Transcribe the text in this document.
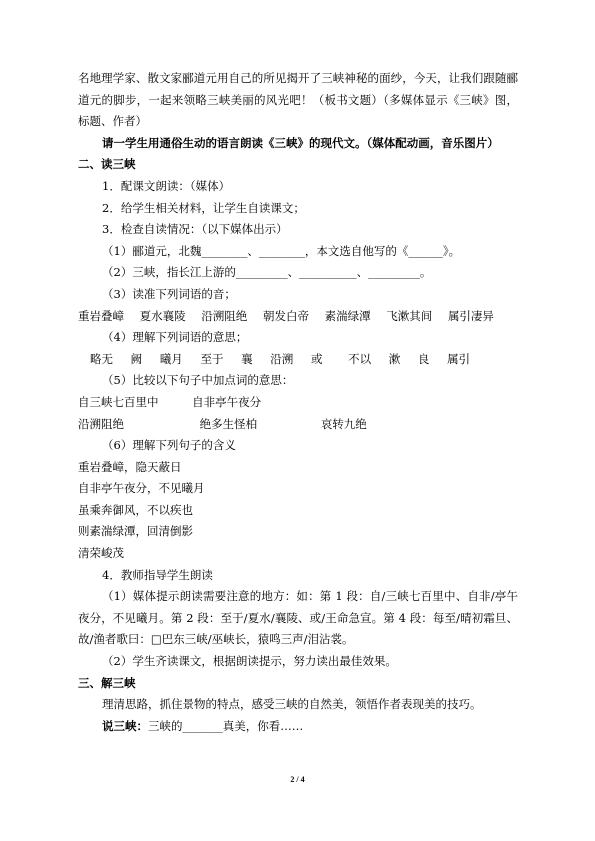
名地理学家、散文家郦道元用自己的所见揭开了三峡神秘的面纱，今天，让我们跟随郦道元的脚步，一起来领略三峡美丽的风光吧！（板书文题）（多媒体显示《三峡》图，标题、作者）
请一学生用通俗生动的语言朗读《三峡》的现代文。（媒体配动画，音乐图片）
二、读三峡
1．配课文朗读：（媒体）
2．给学生相关材料，让学生自读课文；
3．检查自读情况：（以下媒体出示）
（1）郦道元，北魏________、________，本文选自他写的《______》。
（2）三峡，指长江上游的_________、__________、_________。
（3）读准下列词语的音；
重岩叠嶂 夏水襄陵 沿溯阻绝 朝发白帝 素湍绿潭 飞漱其间 属引凄异
（4）理解下列词语的意思；
略无 阙 曦月 至于 襄 沿溯 或 不以 漱 良 属引
（5）比较以下句子中加点词的意思：
自三峡七百里中	自非亭午夜分
沿溯阻绝	绝多生怪柏	哀转九绝
（6）理解下列句子的含义
重岩叠嶂，隐天蔽日
自非亭午夜分，不见曦月
虽乘奔御风，不以疾也
则素湍绿潭，回清倒影
清荣峻茂
4．教师指导学生朗读
（1）媒体提示朗读需要注意的地方：如：第 1 段：自/三峡七百里中、自非/亭午夜分，不见曦月。第 2 段：至于/夏水/襄陵、或/王命急宣。第 4 段：每至/晴初霜旦、故/渔者歌曰：□巴东三峡/巫峡长，猿鸣三声/泪沾裳。
（2）学生齐读课文，根据朗读提示，努力读出最佳效果。
三、解三峡
理清思路，抓住景物的特点，感受三峡的自然美，领悟作者表现美的技巧。
说三峡：三峡的_______真美，你看……
2 / 4
